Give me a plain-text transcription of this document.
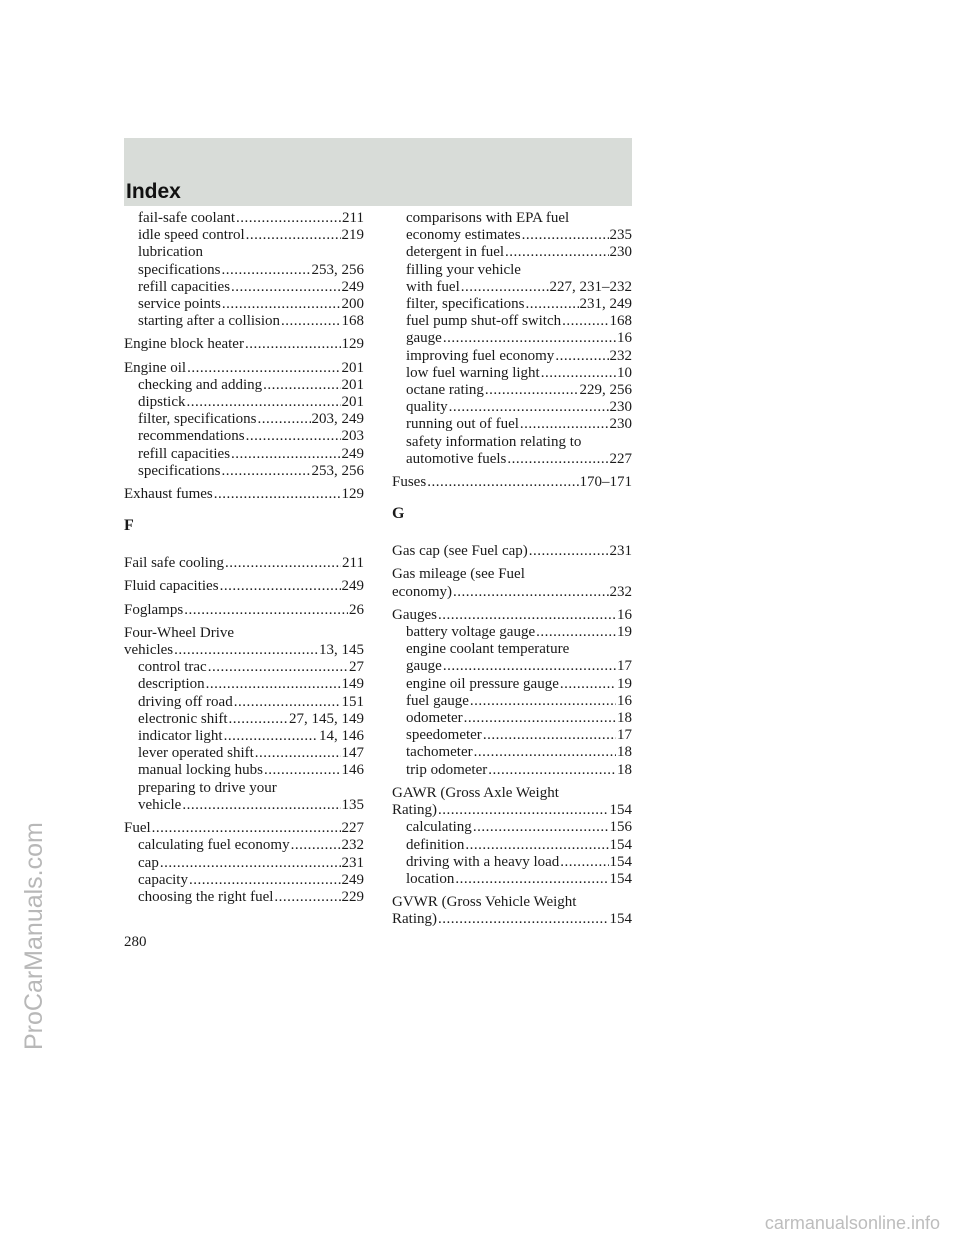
Index
fail-safe coolant .....	211
idle speed control .....	219
lubrication
specifications .....	253, 256
refill capacities .....	249
service points .....	200
starting after a collision .....	168
Engine block heater .....	129
Engine oil .....	201
checking and adding .....	201
dipstick .....	201
filter, specifications .....	203, 249
recommendations .....	203
refill capacities .....	249
specifications .....	253, 256
Exhaust fumes .....	129
F
Fail safe cooling .....	211
Fluid capacities .....	249
Foglamps .....	26
Four-Wheel Drive
vehicles .....	13, 145
control trac .....	27
description .....	149
driving off road .....	151
electronic shift .....	27, 145, 149
indicator light .....	14, 146
lever operated shift .....	147
manual locking hubs .....	146
preparing to drive your
vehicle .....	135
Fuel .....	227
calculating fuel economy .....	232
cap .....	231
capacity .....	249
choosing the right fuel .....	229
comparisons with EPA fuel
economy estimates .....	235
detergent in fuel .....	230
filling your vehicle
with fuel .....	227, 231–232
filter, specifications .....	231, 249
fuel pump shut-off switch .....	168
gauge .....	16
improving fuel economy .....	232
low fuel warning light .....	10
octane rating .....	229, 256
quality .....	230
running out of fuel .....	230
safety information relating to
automotive fuels .....	227
Fuses .....	170–171
G
Gas cap (see Fuel cap) .....	231
Gas mileage (see Fuel
economy) .....	232
Gauges .....	16
battery voltage gauge .....	19
engine coolant temperature
gauge .....	17
engine oil pressure gauge .....	19
fuel gauge .....	16
odometer .....	18
speedometer .....	17
tachometer .....	18
trip odometer .....	18
GAWR (Gross Axle Weight
Rating) .....	154
calculating .....	156
definition .....	154
driving with a heavy load .....	154
location .....	154
GVWR (Gross Vehicle Weight
Rating) .....	154
280
ProCarManuals.com
carmanualsonline.info
